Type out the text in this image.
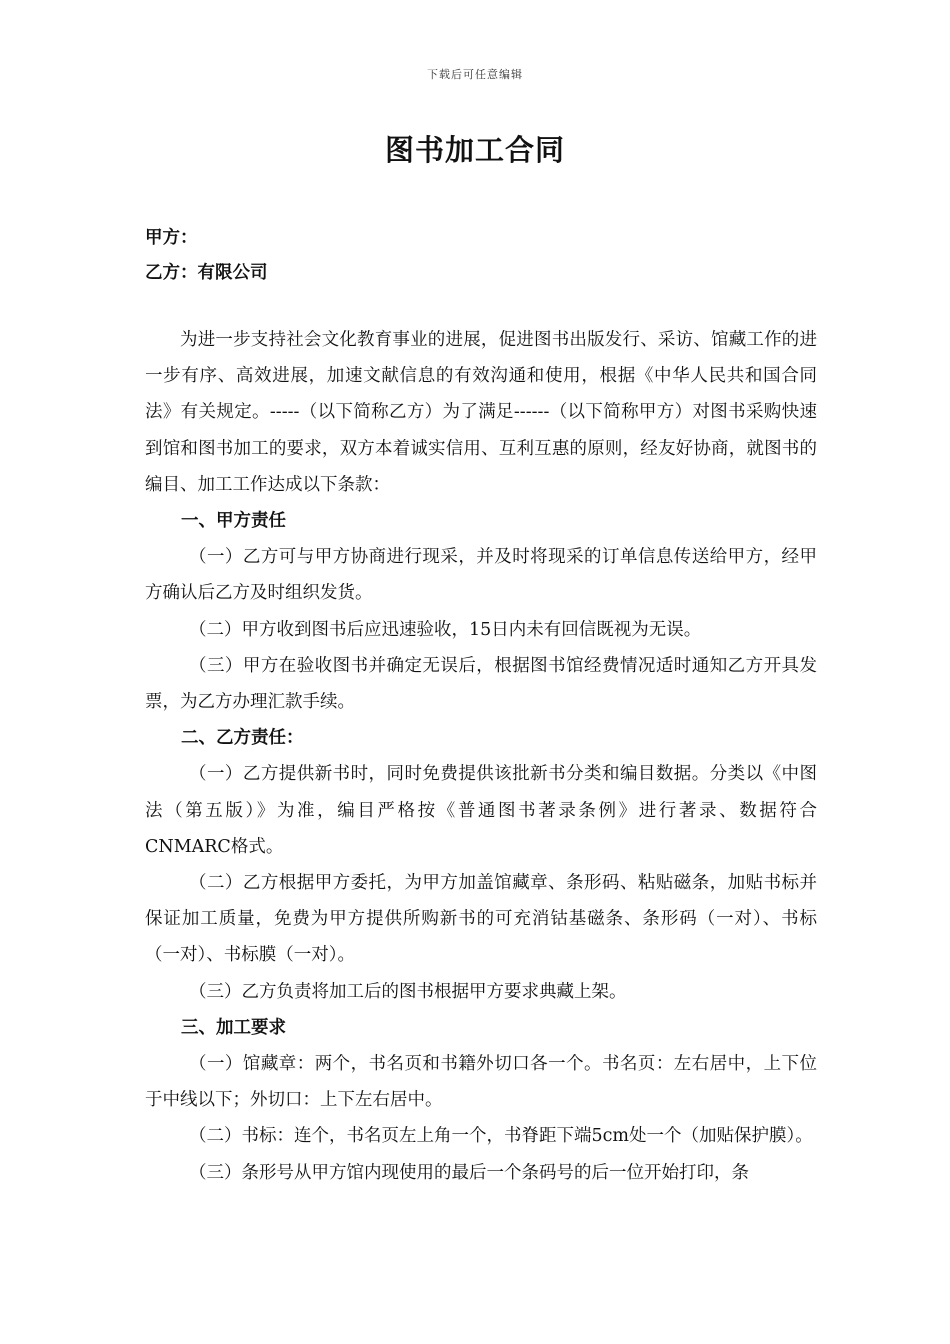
下载后可任意编辑
图书加工合同
甲方：
乙方：有限公司

为进一步支持社会文化教育事业的进展，促进图书出版发行、采访、馆藏工作的进一步有序、高效进展，加速文献信息的有效沟通和使用，根据《中华人民共和国合同法》有关规定。-----（以下简称乙方）为了满足------（以下简称甲方）对图书采购快速到馆和图书加工的要求，双方本着诚实信用、互利互惠的原则，经友好协商，就图书的编目、加工工作达成以下条款：

一、甲方责任

（一）乙方可与甲方协商进行现采，并及时将现采的订单信息传送给甲方，经甲方确认后乙方及时组织发货。

（二）甲方收到图书后应迅速验收，15日内未有回信既视为无误。

（三）甲方在验收图书并确定无误后，根据图书馆经费情况适时通知乙方开具发票，为乙方办理汇款手续。

二、乙方责任：

（一）乙方提供新书时，同时免费提供该批新书分类和编目数据。分类以《中图法（第五版）》为准，编目严格按《普通图书著录条例》进行著录、数据符合CNMARC格式。

（二）乙方根据甲方委托，为甲方加盖馆藏章、条形码、粘贴磁条，加贴书标并保证加工质量，免费为甲方提供所购新书的可充消钴基磁条、条形码（一对）、书标（一对）、书标膜（一对）。

（三）乙方负责将加工后的图书根据甲方要求典藏上架。

三、加工要求

（一）馆藏章：两个，书名页和书籍外切口各一个。书名页：左右居中，上下位于中线以下；外切口：上下左右居中。

（二）书标：连个，书名页左上角一个，书脊距下端5cm处一个（加贴保护膜）。

（三）条形号从甲方馆内现使用的最后一个条码号的后一位开始打印，条
